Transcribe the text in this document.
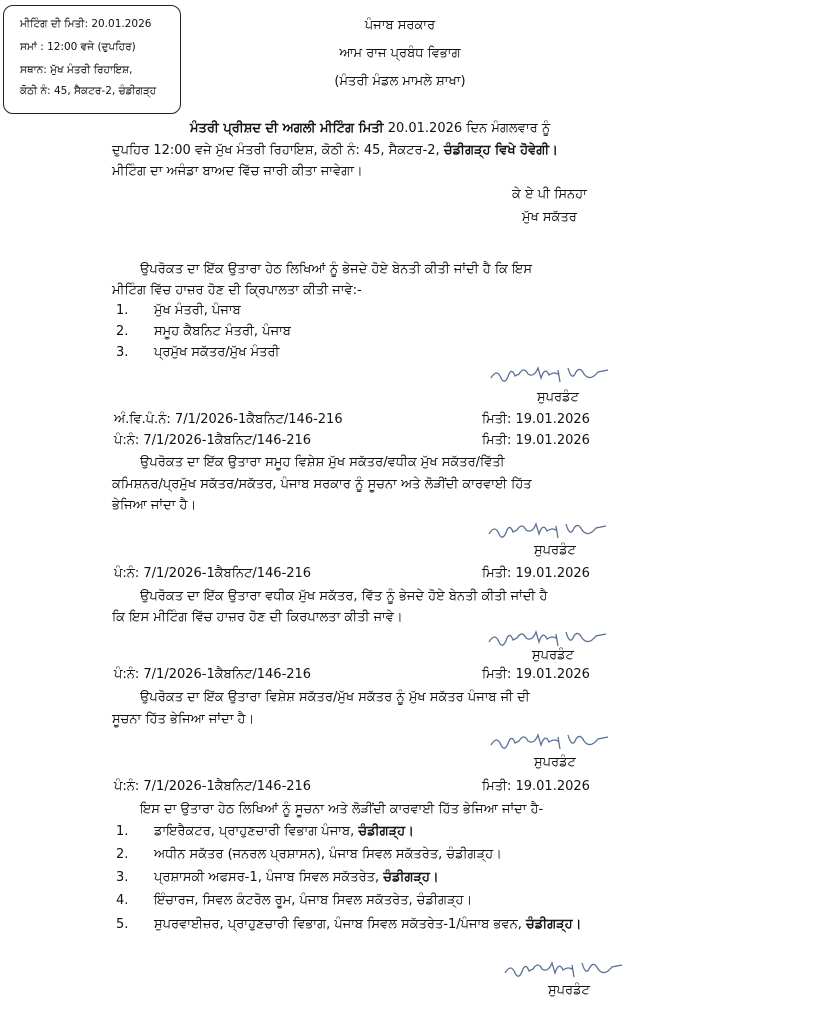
ਮੀਟਿੰਗ ਦੀ ਮਿਤੀ: 20.01.2026
ਸਮਾਂ : 12:00 ਵਜੇ (ਦੁਪਹਿਰ)
ਸਥਾਨ: ਮੁੱਖ ਮੰਤਰੀ ਰਿਹਾਇਸ਼,
ਕੋਠੀ ਨੰ: 45, ਸੈਕਟਰ-2, ਚੰਡੀਗੜ੍ਹ
ਪੰਜਾਬ ਸਰਕਾਰ
ਆਮ ਰਾਜ ਪ੍ਰਬੰਧ ਵਿਭਾਗ
(ਮੰਤਰੀ ਮੰਡਲ ਮਾਮਲੇ ਸ਼ਾਖਾ)
ਮੰਤਰੀ ਪ੍ਰੀਸ਼ਦ ਦੀ ਅਗਲੀ ਮੀਟਿੰਗ ਮਿਤੀ 20.01.2026 ਦਿਨ ਮੰਗਲਵਾਰ ਨੂੰ
ਦੁਪਹਿਰ 12:00 ਵਜੇ ਮੁੱਖ ਮੰਤਰੀ ਰਿਹਾਇਸ਼, ਕੋਠੀ ਨੰ: 45, ਸੈਕਟਰ-2, ਚੰਡੀਗੜ੍ਹ ਵਿਖੇ ਹੋਵੇਗੀ।
ਮੀਟਿੰਗ ਦਾ ਅਜੰਡਾ ਬਾਅਦ ਵਿੱਚ ਜਾਰੀ ਕੀਤਾ ਜਾਵੇਗਾ।
ਕੇ ਏ ਪੀ ਸਿਨਹਾ
ਮੁੱਖ ਸਕੱਤਰ
ਉਪਰੋਕਤ ਦਾ ਇੱਕ ਉਤਾਰਾ ਹੇਠ ਲਿਖਿਆਂ ਨੂੰ ਭੇਜਦੇ ਹੋਏ ਬੇਨਤੀ ਕੀਤੀ ਜਾਂਦੀ ਹੈ ਕਿ ਇਸ
ਮੀਟਿੰਗ ਵਿੱਚ ਹਾਜ਼ਰ ਹੋਣ ਦੀ ਕ੍ਰਿਪਾਲਤਾ ਕੀਤੀ ਜਾਵੇ:-
1. ਮੁੱਖ ਮੰਤਰੀ, ਪੰਜਾਬ
2. ਸਮੂਹ ਕੈਬਨਿਟ ਮੰਤਰੀ, ਪੰਜਾਬ
3. ਪ੍ਰਮੁੱਖ ਸਕੱਤਰ/ਮੁੱਖ ਮੰਤਰੀ
ਸੁਪਰਡੰਟ
ਅੰ.ਵਿ.ਪੰ.ਨੰ: 7/1/2026-1ਕੈਬਨਿਟ/146-216	ਮਿਤੀ: 19.01.2026
ਪੰ:ਨੰ: 7/1/2026-1ਕੈਬਨਿਟ/146-216	ਮਿਤੀ: 19.01.2026
ਉਪਰੋਕਤ ਦਾ ਇੱਕ ਉਤਾਰਾ ਸਮੂਹ ਵਿਸ਼ੇਸ਼ ਮੁੱਖ ਸਕੱਤਰ/ਵਧੀਕ ਮੁੱਖ ਸਕੱਤਰ/ਵਿੱਤੀ
ਕਮਿਸ਼ਨਰ/ਪ੍ਰਮੁੱਖ ਸਕੱਤਰ/ਸਕੱਤਰ, ਪੰਜਾਬ ਸਰਕਾਰ ਨੂੰ ਸੂਚਨਾ ਅਤੇ ਲੋੜੀਂਦੀ ਕਾਰਵਾਈ ਹਿੱਤ
ਭੇਜਿਆ ਜਾਂਦਾ ਹੈ।
ਸੁਪਰਡੰਟ
ਪੰ:ਨੰ: 7/1/2026-1ਕੈਬਨਿਟ/146-216	ਮਿਤੀ: 19.01.2026
ਉਪਰੋਕਤ ਦਾ ਇੱਕ ਉਤਾਰਾ ਵਧੀਕ ਮੁੱਖ ਸਕੱਤਰ, ਵਿੱਤ ਨੂੰ ਭੇਜਦੇ ਹੋਏ ਬੇਨਤੀ ਕੀਤੀ ਜਾਂਦੀ ਹੈ
ਕਿ ਇਸ ਮੀਟਿੰਗ ਵਿੱਚ ਹਾਜ਼ਰ ਹੋਣ ਦੀ ਕਿਰਪਾਲਤਾ ਕੀਤੀ ਜਾਵੇ।
ਸੁਪਰਡੰਟ
ਪੰ:ਨੰ: 7/1/2026-1ਕੈਬਨਿਟ/146-216	ਮਿਤੀ: 19.01.2026
ਉਪਰੋਕਤ ਦਾ ਇੱਕ ਉਤਾਰਾ ਵਿਸ਼ੇਸ਼ ਸਕੱਤਰ/ਮੁੱਖ ਸਕੱਤਰ ਨੂੰ ਮੁੱਖ ਸਕੱਤਰ ਪੰਜਾਬ ਜੀ ਦੀ
ਸੂਚਨਾ ਹਿੱਤ ਭੇਜਿਆ ਜਾਂਦਾ ਹੈ।
ਸੁਪਰਡੰਟ
ਪੰ:ਨੰ: 7/1/2026-1ਕੈਬਨਿਟ/146-216	ਮਿਤੀ: 19.01.2026
ਇਸ ਦਾ ਉਤਾਰਾ ਹੇਠ ਲਿਖਿਆਂ ਨੂੰ ਸੂਚਨਾ ਅਤੇ ਲੋੜੀਂਦੀ ਕਾਰਵਾਈ ਹਿੱਤ ਭੇਜਿਆ ਜਾਂਦਾ ਹੈ-
1. ਡਾਇਰੈਕਟਰ, ਪ੍ਰਾਹੁਣਚਾਰੀ ਵਿਭਾਗ ਪੰਜਾਬ, ਚੰਡੀਗੜ੍ਹ।
2. ਅਧੀਨ ਸਕੱਤਰ (ਜਨਰਲ ਪ੍ਰਸ਼ਾਸਨ), ਪੰਜਾਬ ਸਿਵਲ ਸਕੱਤਰੇਤ, ਚੰਡੀਗੜ੍ਹ।
3. ਪ੍ਰਸ਼ਾਸਕੀ ਅਫਸਰ-1, ਪੰਜਾਬ ਸਿਵਲ ਸਕੱਤਰੇਤ, ਚੰਡੀਗੜ੍ਹ।
4. ਇੰਚਾਰਜ, ਸਿਵਲ ਕੰਟਰੋਲ ਰੂਮ, ਪੰਜਾਬ ਸਿਵਲ ਸਕੱਤਰੇਤ, ਚੰਡੀਗੜ੍ਹ।
5. ਸੁਪਰਵਾਈਜ਼ਰ, ਪ੍ਰਾਹੁਣਚਾਰੀ ਵਿਭਾਗ, ਪੰਜਾਬ ਸਿਵਲ ਸਕੱਤਰੇਤ-1/ਪੰਜਾਬ ਭਵਨ, ਚੰਡੀਗੜ੍ਹ।
ਸੁਪਰਡੰਟ
